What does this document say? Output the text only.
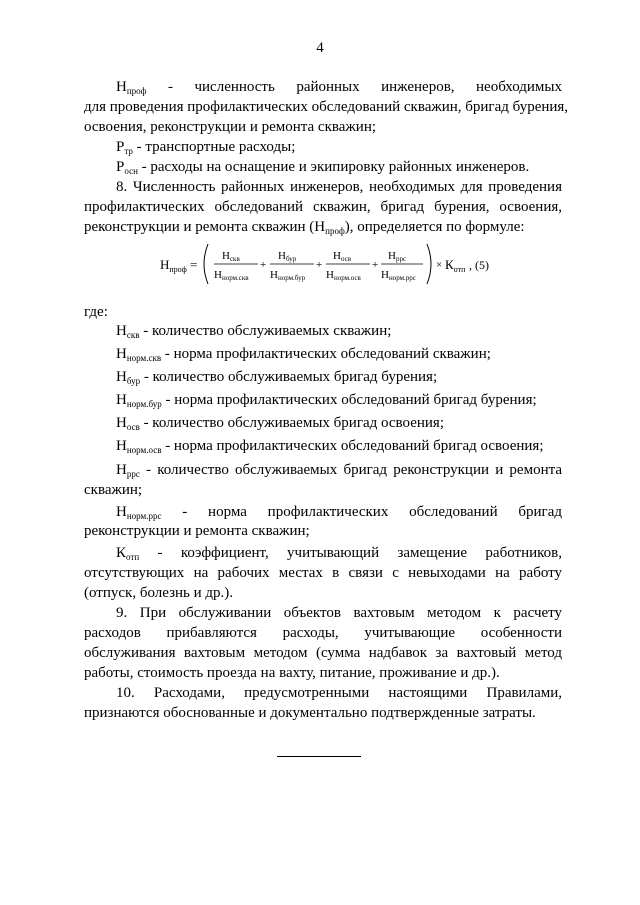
4
$Н_{проф}$ - численность районных инженеров, необходимых
для проведения профилактических обследований скважин, бригад бурения,
освоения, реконструкции и ремонта скважин;
$Р_{тр}$ - транспортные расходы;
$Р_{осн}$ - расходы на оснащение и экипировку районных инженеров.
8. Численность районных инженеров, необходимых для проведения
профилактических обследований скважин, бригад бурения, освоения,
реконструкции и ремонта скважин $(Н_{проф})$, определяется по формуле:
$Н_{проф}$ =
Нскв
Ннорм.скв
+
Нбур
Ннорм.бур
+
Носв
Ннорм.осв
+
Нррс
Ннорм.ррс
× $К_{отп}$ , (5)
где:
$Н_{скв}$ - количество обслуживаемых скважин;
$Н_{норм.скв}$ - норма профилактических обследований скважин;
$Н_{бур}$ - количество обслуживаемых бригад бурения;
$Н_{норм.бур}$ - норма профилактических обследований бригад бурения;
$Н_{осв}$ - количество обслуживаемых бригад освоения;
$Н_{норм.осв}$ - норма профилактических обследований бригад освоения;
$Н_{ррс}$ - количество обслуживаемых бригад реконструкции и ремонта
скважин;
$Н_{норм.ррс}$ - норма профилактических обследований бригад
реконструкции и ремонта скважин;
$К_{отп}$ - коэффициент, учитывающий замещение работников,
отсутствующих на рабочих местах в связи с невыходами на работу
(отпуск, болезнь и др.).
9. При обслуживании объектов вахтовым методом к расчету
расходов прибавляются расходы, учитывающие особенности
обслуживания вахтовым методом (сумма надбавок за вахтовый метод
работы, стоимость проезда на вахту, питание, проживание и др.).
10. Расходами, предусмотренными настоящими Правилами,
признаются обоснованные и документально подтвержденные затраты.
